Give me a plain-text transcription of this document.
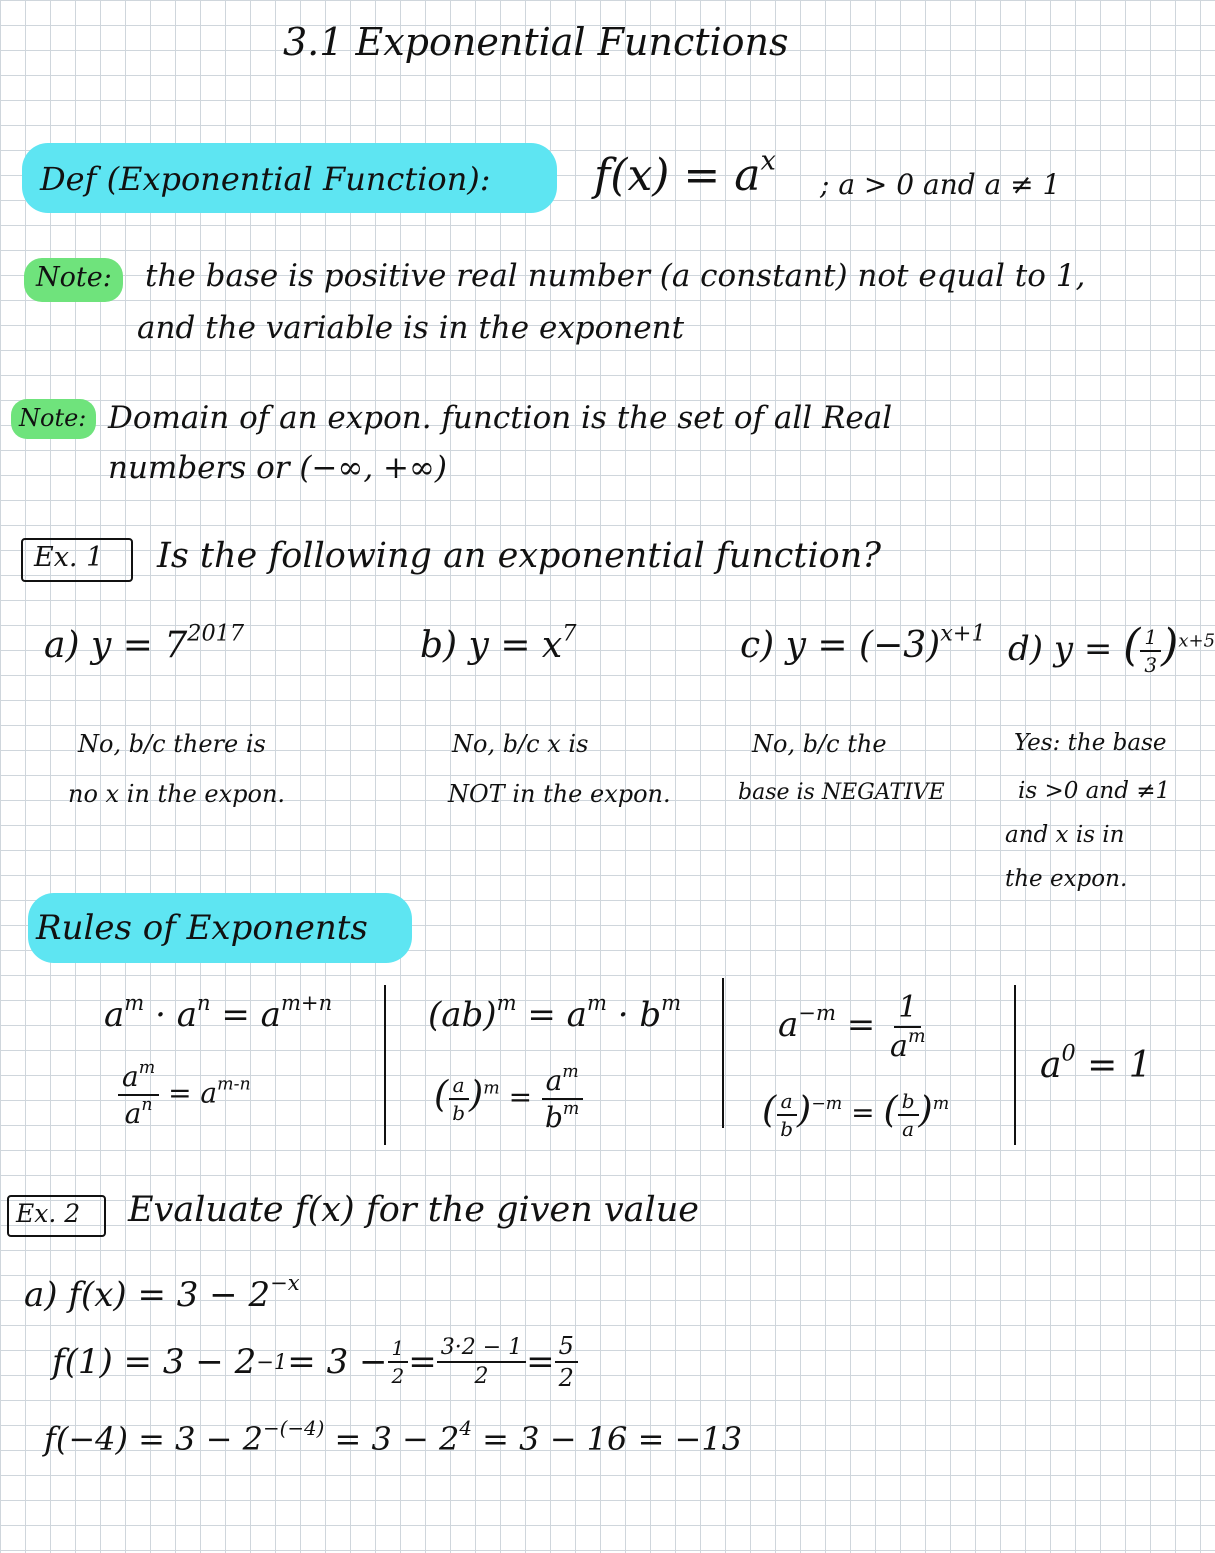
3.1 Exponential Functions
Def (Exponential Function): $f(x) = a^x$
; a > 0 and a ≠ 1
Note: the base is positive real number (a constant) not equal to 1,
and the variable is in the exponent
Note: Domain of an expon. function is the set of all Real
numbers or (−∞, +∞)
Ex. 1 Is the following an exponential function?
a) $y = 7^{2017}$	b) $y = x^7$	c) $y = (-3)^{x+1}$ d) y = ( $\frac{1}{3} )^{x+5}$
No, b/c there is
no x in the expon.
No, b/c x is
NOT in the expon.
No, b/c the
base is NEGATIVE
Yes: the base
is >0 and ≠1
and x is in
the expon.
Rules of Exponents
$a^m \cdot a^n = a^{m+n}$
$\frac{a^m}{a^n} = a^{m-n}$
$(ab)^m = a^m \cdot b^m$
( $\frac{a}{b} )^m = \frac{a^m}{b^m}$
$a^{-m} = \frac{1}{a^m}$
( $\frac{a}{b} )^{-m}$ = ( $\frac{b}{a} )^m$
$a^0 = 1$
Ex. 2 Evaluate f(x) for the given value
a) $f(x) = 3 - 2^{-x}$
$f(1) = 3 - 2 -1 = 3 - \frac{1}{2} = \frac{3\cdot 2 - 1}{2} = \frac{5}{2}$
$f(-4) = 3 - 2^{-(-4)} = 3 - 2^4 = 3 - 16 = -13$
